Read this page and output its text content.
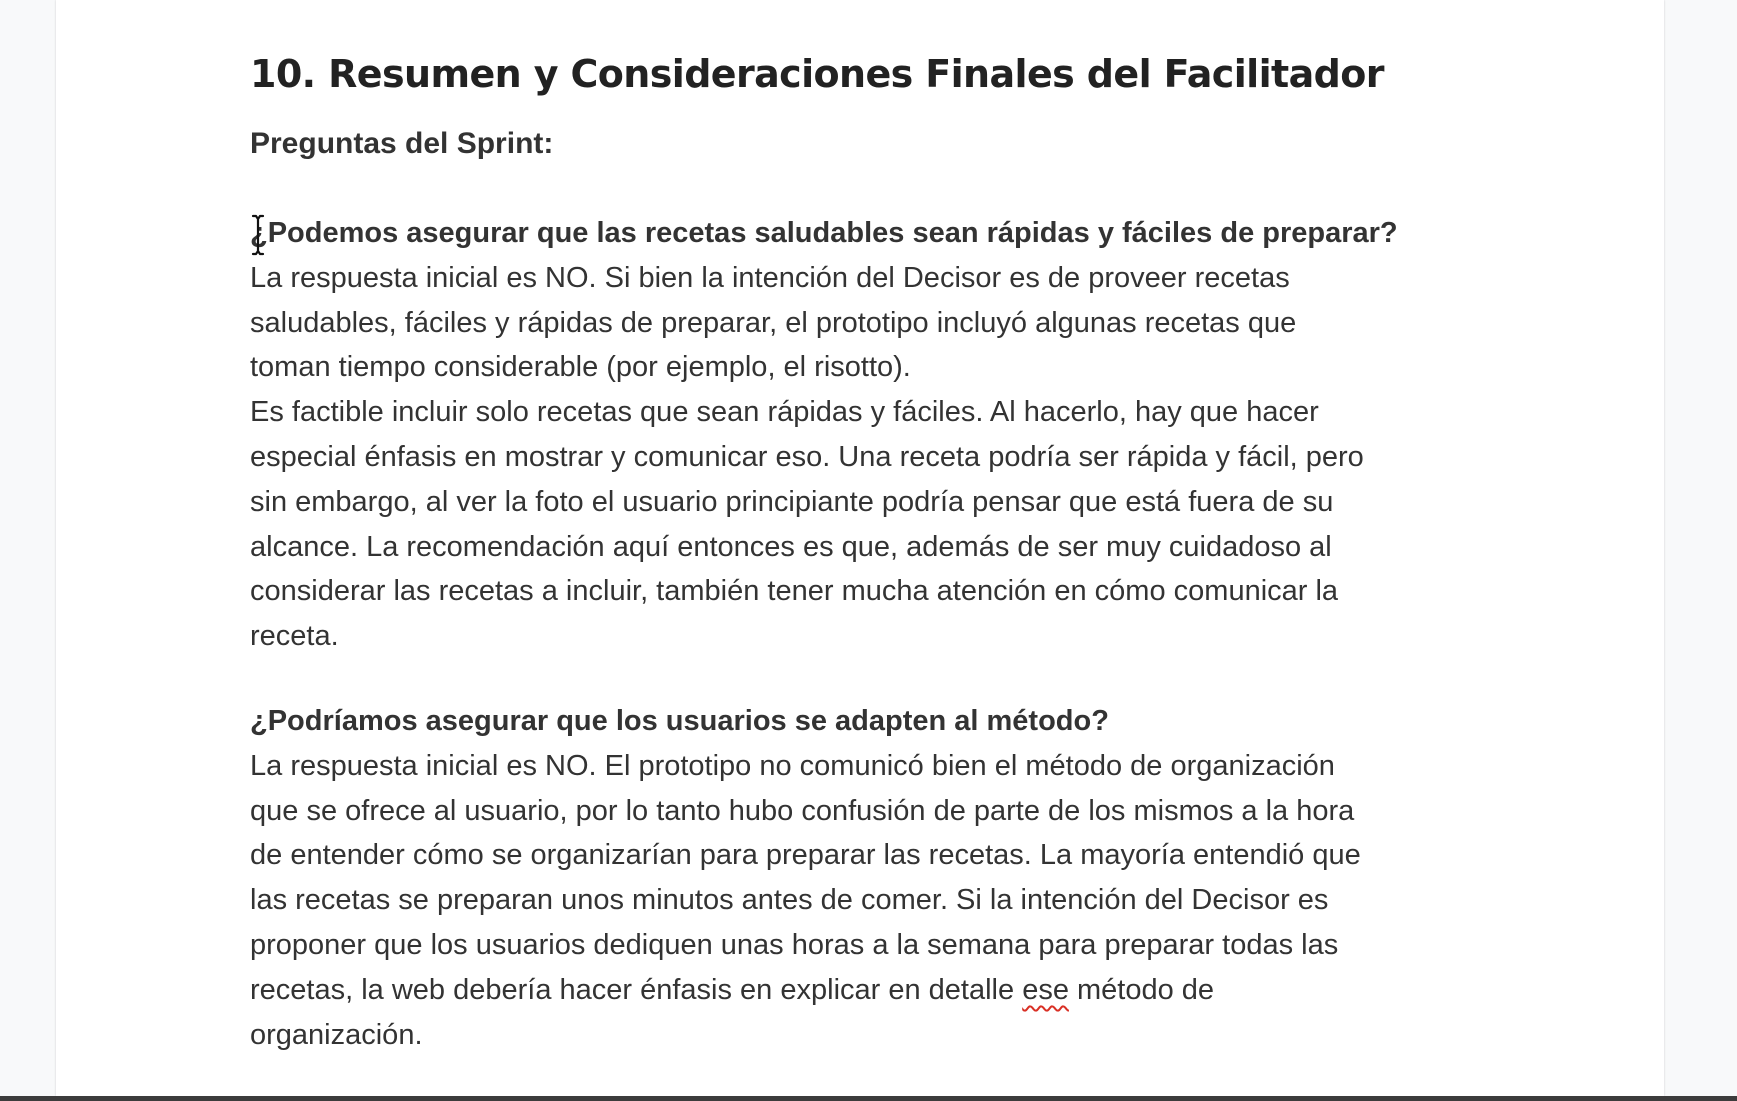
10. Resumen y Consideraciones Finales del Facilitador

Preguntas del Sprint:

¿Podemos asegurar que las recetas saludables sean rápidas y fáciles de preparar?

La respuesta inicial es NO. Si bien la intención del Decisor es de proveer recetas
saludables, fáciles y rápidas de preparar, el prototipo incluyó algunas recetas que
toman tiempo considerable (por ejemplo, el risotto).
Es factible incluir solo recetas que sean rápidas y fáciles. Al hacerlo, hay que hacer
especial énfasis en mostrar y comunicar eso. Una receta podría ser rápida y fácil, pero
sin embargo, al ver la foto el usuario principiante podría pensar que está fuera de su
alcance. La recomendación aquí entonces es que, además de ser muy cuidadoso al
considerar las recetas a incluir, también tener mucha atención en cómo comunicar la
receta.

¿Podríamos asegurar que los usuarios se adapten al método?

La respuesta inicial es NO. El prototipo no comunicó bien el método de organización
que se ofrece al usuario, por lo tanto hubo confusión de parte de los mismos a la hora
de entender cómo se organizarían para preparar las recetas. La mayoría entendió que
las recetas se preparan unos minutos antes de comer. Si la intención del Decisor es
proponer que los usuarios dediquen unas horas a la semana para preparar todas las
recetas, la web debería hacer énfasis en explicar en detalle ese método de
organización.
